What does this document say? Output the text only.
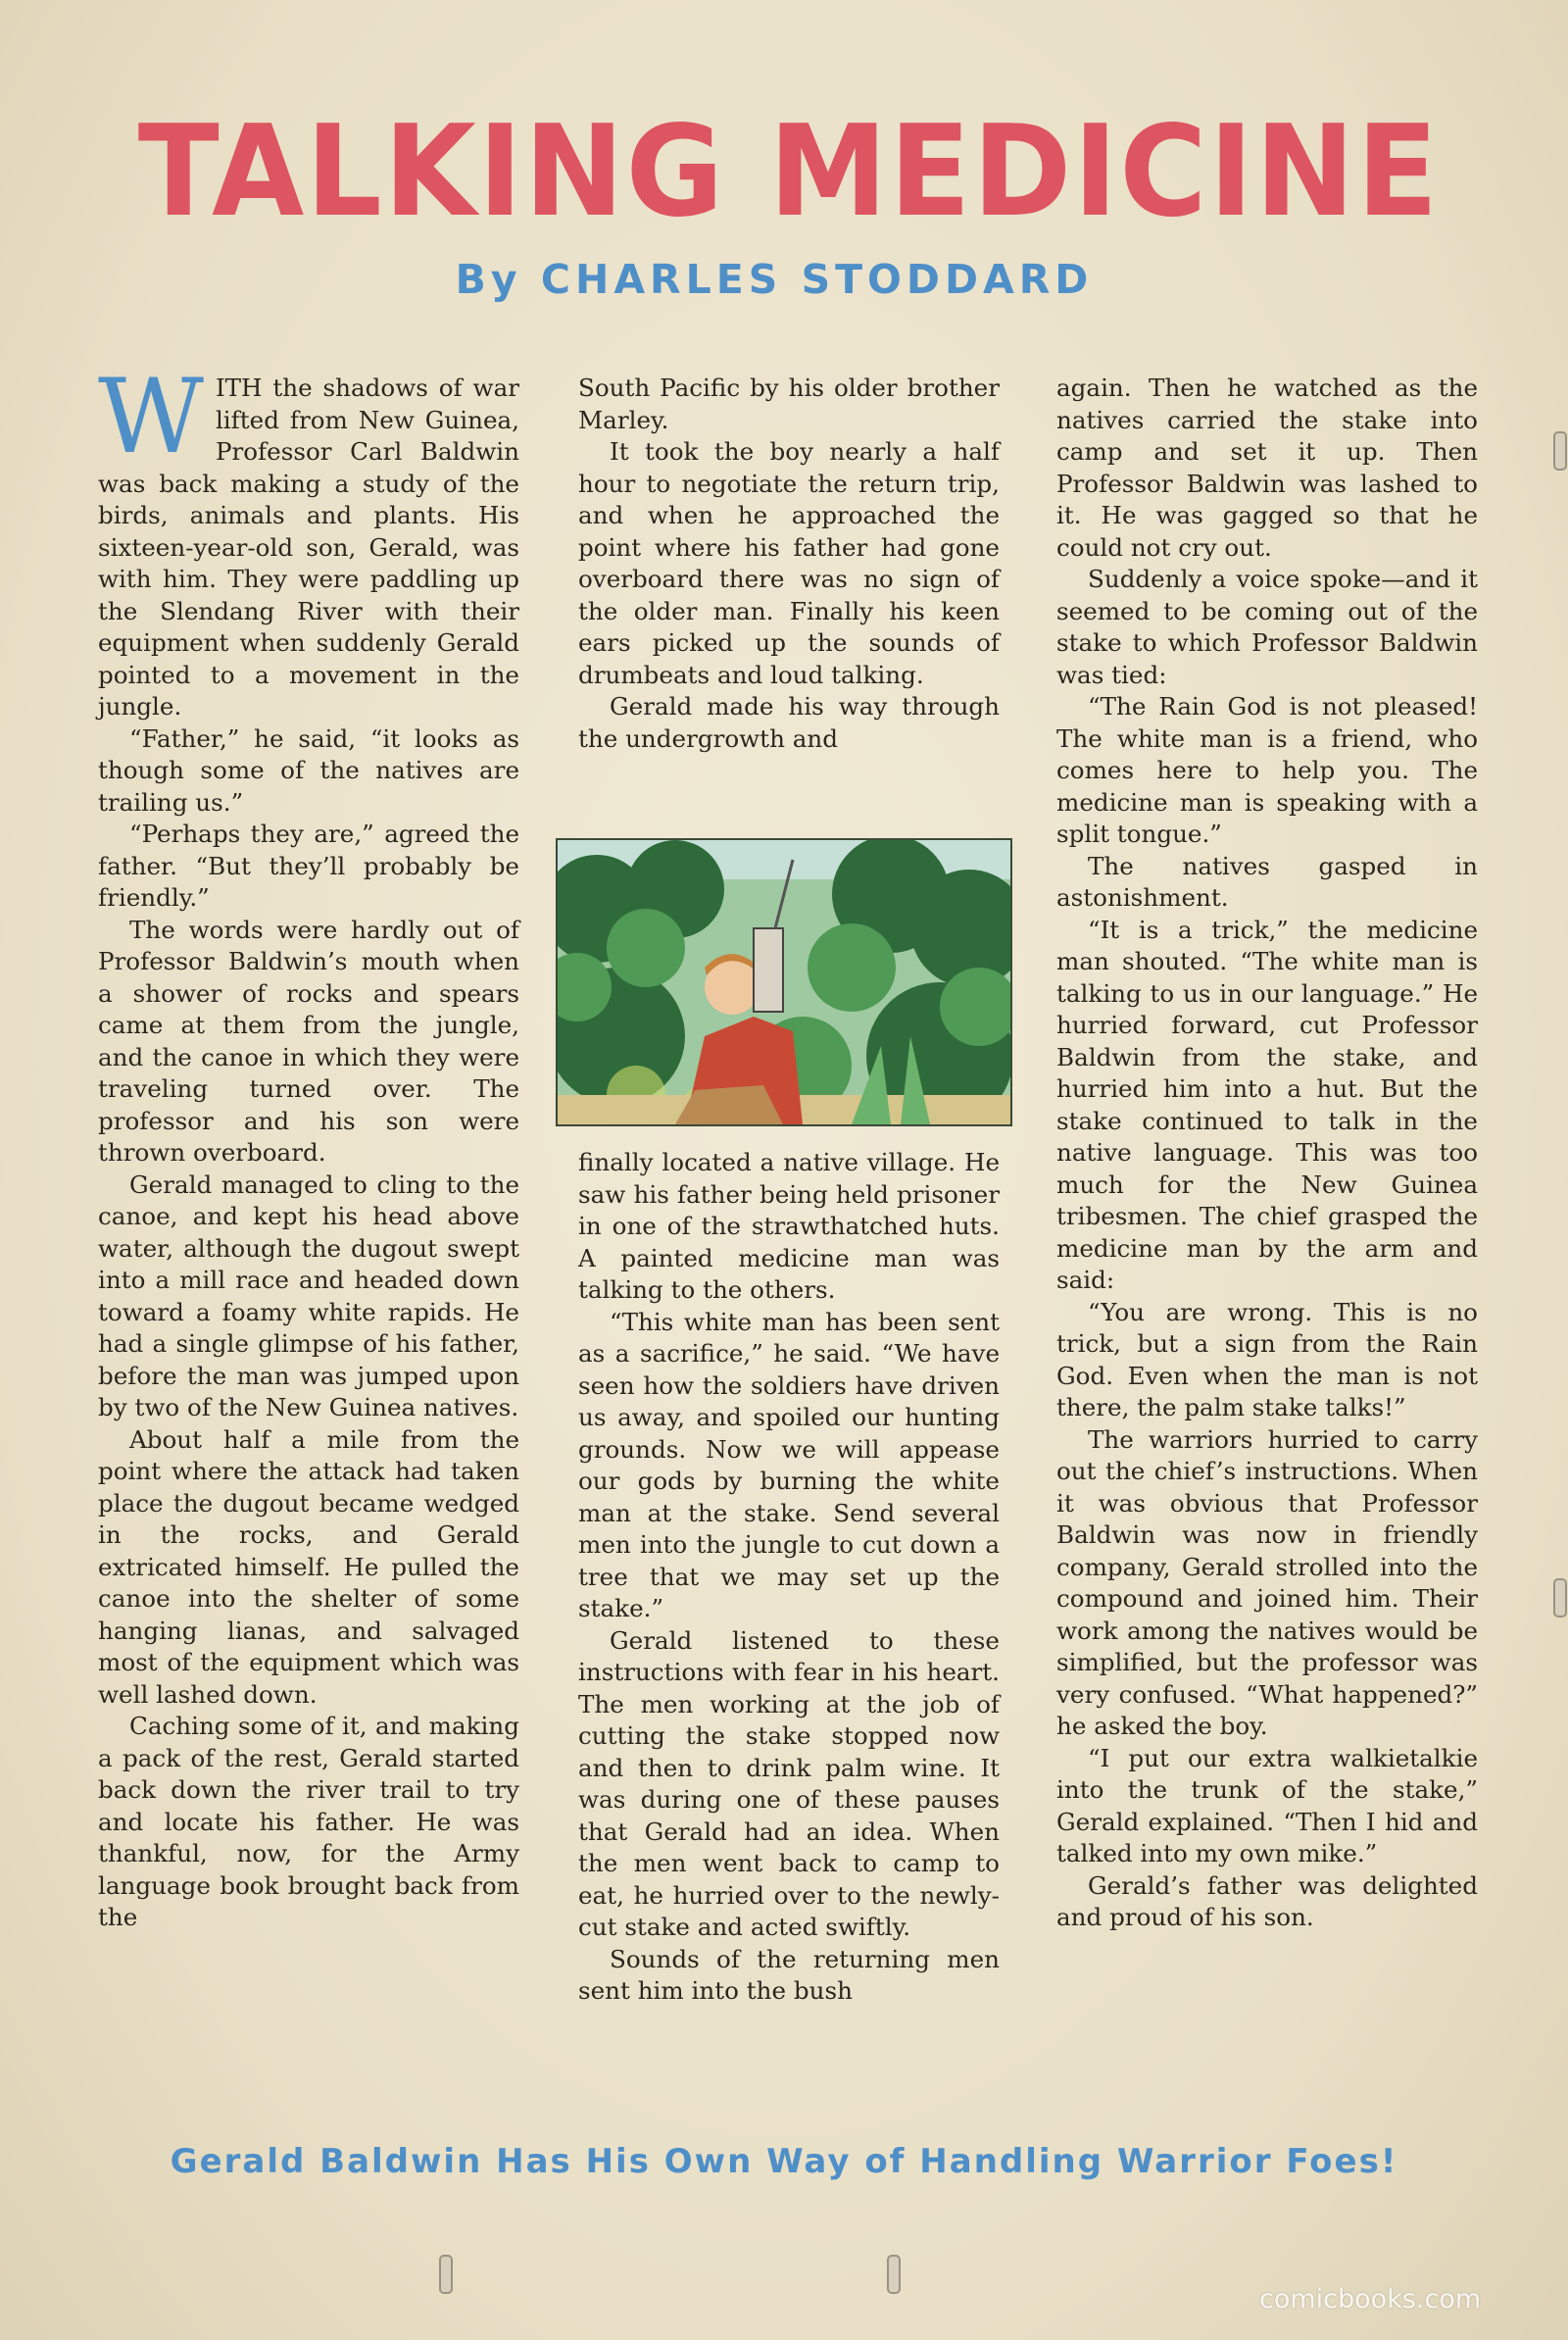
TALKING MEDICINE
By CHARLES STODDARD
W ITH the shadows of war lifted from New Guinea, Professor Carl Baldwin was back making a study of the birds, animals and plants. His sixteen-year-old son, Gerald, was with him. They were paddling up the Slendang River with their equipment when suddenly Gerald pointed to a movement in the jungle.

“Father,” he said, “it looks as though some of the natives are trailing us.”

“Perhaps they are,” agreed the father. “But they’ll probably be friendly.”

The words were hardly out of Professor Baldwin’s mouth when a shower of rocks and spears came at them from the jungle, and the canoe in which they were traveling turned over. The professor and his son were thrown overboard.

Gerald managed to cling to the canoe, and kept his head above water, although the dugout swept into a mill race and headed down toward a foamy white rapids. He had a single glimpse of his father, before the man was jumped upon by two of the New Guinea natives.

About half a mile from the point where the attack had taken place the dugout became wedged in the rocks, and Gerald extricated himself. He pulled the canoe into the shelter of some hanging lianas, and salvaged most of the equipment which was well lashed down.

Caching some of it, and making a pack of the rest, Gerald started back down the river trail to try and locate his father. He was thankful, now, for the Army language book brought back from the

South Pacific by his older brother Marley.

It took the boy nearly a half hour to negotiate the return trip, and when he approached the point where his father had gone overboard there was no sign of the older man. Finally his keen ears picked up the sounds of drumbeats and loud talking.

Gerald made his way through the undergrowth and

finally located a native village. He saw his father being held prisoner in one of the strawthatched huts. A painted medicine man was talking to the others.

“This white man has been sent as a sacrifice,” he said. “We have seen how the soldiers have driven us away, and spoiled our hunting grounds. Now we will appease our gods by burning the white man at the stake. Send several men into the jungle to cut down a tree that we may set up the stake.”

Gerald listened to these instructions with fear in his heart. The men working at the job of cutting the stake stopped now and then to drink palm wine. It was during one of these pauses that Gerald had an idea. When the men went back to camp to eat, he hurried over to the newly-cut stake and acted swiftly.

Sounds of the returning men sent him into the bush

again. Then he watched as the natives carried the stake into camp and set it up. Then Professor Baldwin was lashed to it. He was gagged so that he could not cry out.

Suddenly a voice spoke—and it seemed to be coming out of the stake to which Professor Baldwin was tied:

“The Rain God is not pleased! The white man is a friend, who comes here to help you. The medicine man is speaking with a split tongue.”

The natives gasped in astonishment.

“It is a trick,” the medicine man shouted. “The white man is talking to us in our language.” He hurried forward, cut Professor Baldwin from the stake, and hurried him into a hut. But the stake continued to talk in the native language. This was too much for the New Guinea tribesmen. The chief grasped the medicine man by the arm and said:

“You are wrong. This is no trick, but a sign from the Rain God. Even when the man is not there, the palm stake talks!”

The warriors hurried to carry out the chief’s instructions. When it was obvious that Professor Baldwin was now in friendly company, Gerald strolled into the compound and joined him. Their work among the natives would be simplified, but the professor was very confused. “What happened?” he asked the boy.

“I put our extra walkietalkie into the trunk of the stake,” Gerald explained. “Then I hid and talked into my own mike.”

Gerald’s father was delighted and proud of his son.

Gerald Baldwin Has His Own Way of Handling Warrior Foes!
comicbooks.com
